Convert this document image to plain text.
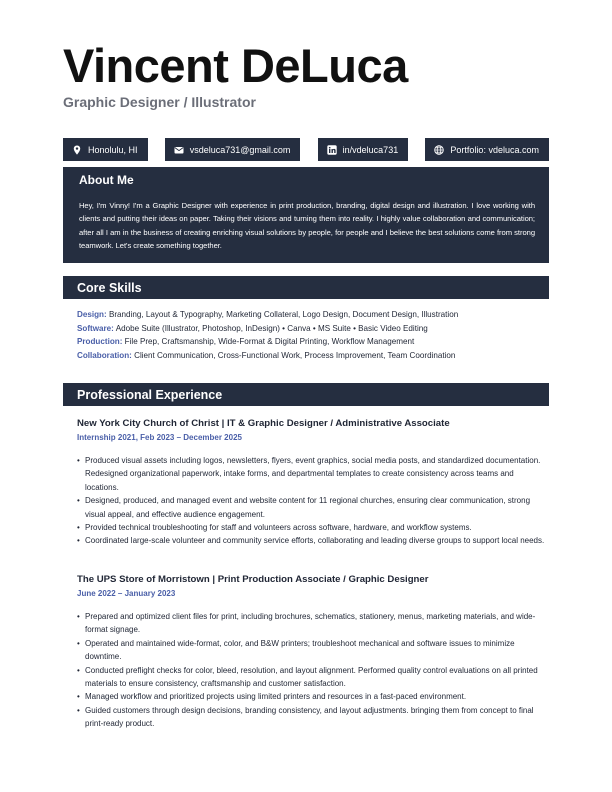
Vincent DeLuca
Graphic Designer / Illustrator
Honolulu, HI	vsdeluca731@gmail.com	in/vdeluca731	Portfolio: vdeluca.com
About Me

Hey, I'm Vinny! I'm a Graphic Designer with experience in print production, branding, digital design and illustration. I love working with clients and putting their ideas on paper. Taking their visions and turning them into reality. I highly value collaboration and communication; after all I am in the business of creating enriching visual solutions by people, for people and I believe the best solutions come from strong teamwork. Let's create something together.

Core Skills
Design: Branding, Layout & Typography, Marketing Collateral, Logo Design, Document Design, Illustration
Software: Adobe Suite (Illustrator, Photoshop, InDesign) • Canva • MS Suite • Basic Video Editing
Production: File Prep, Craftsmanship, Wide-Format & Digital Printing, Workflow Management
Collaboration: Client Communication, Cross-Functional Work, Process Improvement, Team Coordination
Professional Experience
New York City Church of Christ | IT & Graphic Designer / Administrative Associate
Internship 2021, Feb 2023 – December 2025
• Produced visual assets including logos, newsletters, flyers, event graphics, social media posts, and standardized documentation. Redesigned organizational paperwork, intake forms, and departmental templates to create consistency across teams and locations.
• Designed, produced, and managed event and website content for 11 regional churches, ensuring clear communication, strong visual appeal, and effective audience engagement.
• Provided technical troubleshooting for staff and volunteers across software, hardware, and workflow systems.
• Coordinated large-scale volunteer and community service efforts, collaborating and leading diverse groups to support local needs.
The UPS Store of Morristown | Print Production Associate / Graphic Designer
June 2022 – January 2023
• Prepared and optimized client files for print, including brochures, schematics, stationery, menus, marketing materials, and wide-format signage.
• Operated and maintained wide-format, color, and B&W printers; troubleshoot mechanical and software issues to minimize downtime.
• Conducted preflight checks for color, bleed, resolution, and layout alignment. Performed quality control evaluations on all printed materials to ensure consistency, craftsmanship and customer satisfaction.
• Managed workflow and prioritized projects using limited printers and resources in a fast-paced environment.
• Guided customers through design decisions, branding consistency, and layout adjustments. bringing them from concept to final print-ready product.
